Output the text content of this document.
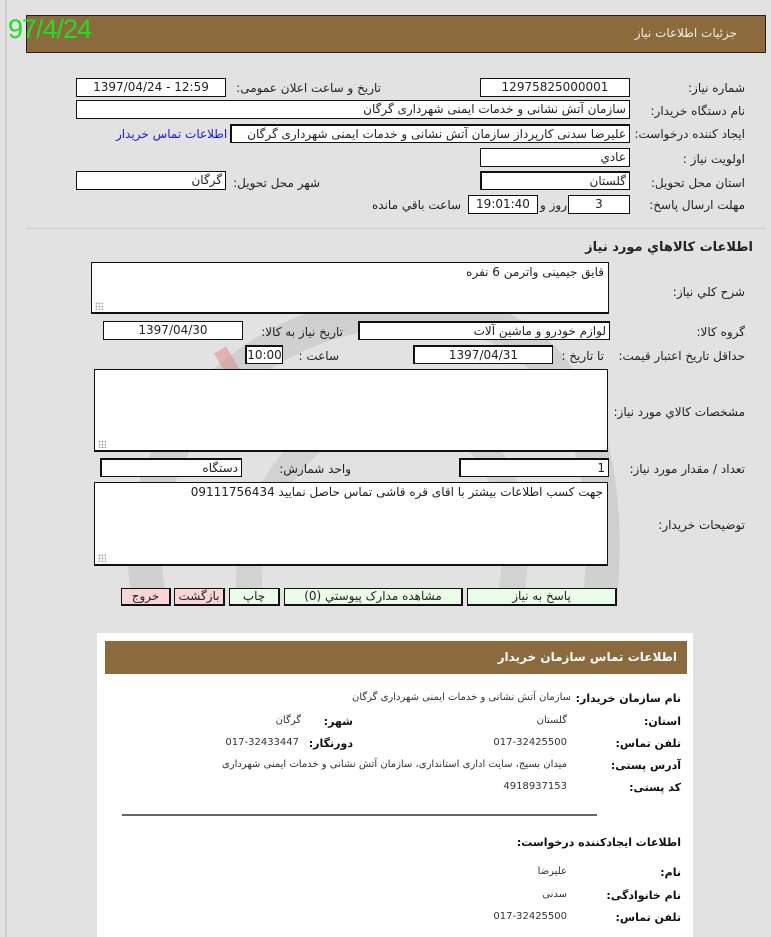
جزئیات اطلاعات نیاز
97/4/24
شماره نیاز:
12975825000001
تاریخ و ساعت اعلان عمومی:
1397/04/24 - 12:59
نام دستگاه خریدار:
سازمان آتش نشانی و خدمات ایمنی شهرداری گرگان
ایجاد کننده درخواست:
علیرضا سدنی کارپرداز سازمان آتش نشانی و خدمات ایمنی شهرداری گرگان
اطلاعات تماس خریدار
اولویت نیاز :
عادي
استان محل تحویل:
گلستان
شهر محل تحویل:
گرگان
مهلت ارسال پاسخ:
3
روز و
19:01:40
ساعت باقي مانده
اطلاعات کالاهاي مورد نياز
شرح کلي نياز:
قایق جیمینی واترمن 6 نفره
گروه کالا:
لوازم خودرو و ماشین آلات
تاریخ نیاز به کالا:
1397/04/30
حداقل تاریخ اعتبار قیمت:
تا تاریخ :
1397/04/31
ساعت :
10:00
مشخصات کالاي مورد نياز:
تعداد / مقدار مورد نیاز:
1
واحد شمارش:
دستگاه
توضیحات خریدار:
جهت کسب اطلاعات بیشتر با اقای قره قاشی تماس حاصل نمایید 09111756434
پاسخ به نیاز
مشاهده مدارک پیوستي (0)
چاپ
بازگشت
خروج
اطلاعات تماس سازمان خریدار
نام سازمان خریدار:
سازمان آتش نشانی و خدمات ایمنی شهرداری گرگان
استان:
گلستان
شهر:
گرگان
تلفن تماس:
017-32425500
دورنگار:
017-32433447
آدرس پستی:
میدان بسیج، سایت اداری استانداری، سازمان آتش نشانی و خدمات ایمنی شهرداری
کد پستی:
4918937153
اطلاعات ایجادکننده درخواست:
نام:
علیرضا
نام خانوادگی:
سدنی
تلفن تماس:
017-32425500
